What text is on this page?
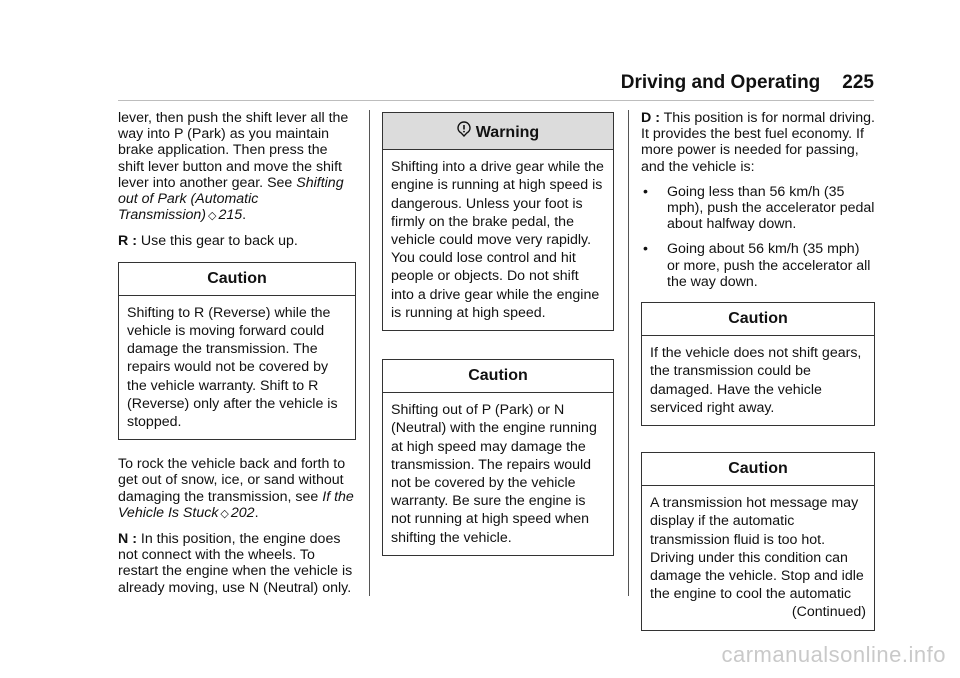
Driving and Operating 225

lever, then push the shift lever all the way into P (Park) as you maintain brake application. Then press the shift lever button and move the shift lever into another gear. See Shifting out of Park (Automatic Transmission) ◇ 215.

R : Use this gear to back up.

Caution
Shifting to R (Reverse) while the vehicle is moving forward could damage the transmission. The repairs would not be covered by the vehicle warranty. Shift to R (Reverse) only after the vehicle is stopped.

To rock the vehicle back and forth to get out of snow, ice, or sand without damaging the transmission, see If the Vehicle Is Stuck ◇ 202.

N : In this position, the engine does not connect with the wheels. To restart the engine when the vehicle is already moving, use N (Neutral) only.

Warning
Shifting into a drive gear while the engine is running at high speed is dangerous. Unless your foot is firmly on the brake pedal, the vehicle could move very rapidly. You could lose control and hit people or objects. Do not shift into a drive gear while the engine is running at high speed.
Caution
Shifting out of P (Park) or N (Neutral) with the engine running at high speed may damage the transmission. The repairs would not be covered by the vehicle warranty. Be sure the engine is not running at high speed when shifting the vehicle.

D : This position is for normal driving. It provides the best fuel economy. If more power is needed for passing, and the vehicle is:

•	Going less than 56 km/h (35 mph), push the accelerator pedal about halfway down.
•	Going about 56 km/h (35 mph) or more, push the accelerator all the way down.
Caution
If the vehicle does not shift gears, the transmission could be damaged. Have the vehicle serviced right away.
Caution
A transmission hot message may display if the automatic transmission fluid is too hot. Driving under this condition can damage the vehicle. Stop and idle the engine to cool the automatic
(Continued)
carmanualsonline.info
